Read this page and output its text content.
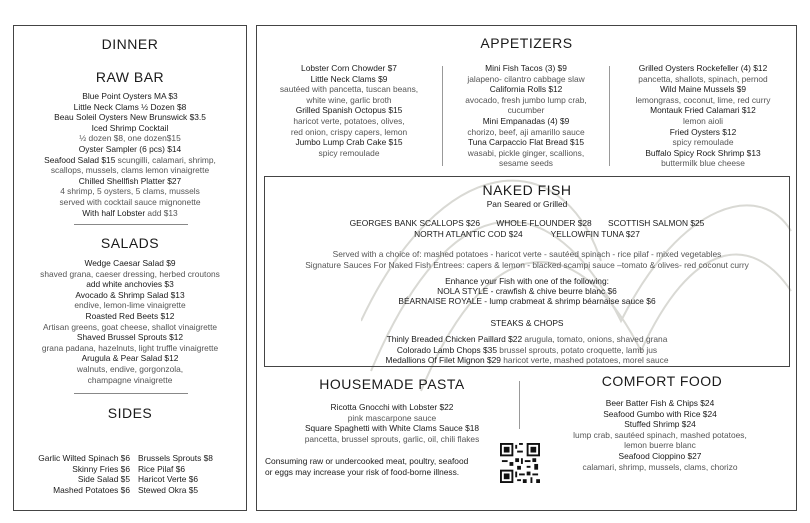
DINNER
RAW BAR
Blue Point Oysters MA $3
Little Neck Clams ½ Dozen $8
Beau Soleil Oysters New Brunswick $3.5
Iced Shrimp Cocktail
½ dozen $8, one dozen$15
Oyster Sampler (6 pcs) $14
Seafood Salad $15 scungilli, calamari, shrimp,
scallops, mussels, clams lemon vinaigrette
Chilled Shellfish Platter $27
4 shrimp, 5 oysters, 5 clams, mussels
served with cocktail sauce mignonette
With half Lobster add $13
SALADS
Wedge Caesar Salad $9
shaved grana, caeser dressing, herbed croutons
add white anchovies $3
Avocado & Shrimp Salad $13
endive, lemon-lime vinaigrette
Roasted Red Beets $12
Artisan greens, goat cheese, shallot vinaigrette
Shaved Brussel Sprouts $12
grana padana, hazelnuts, light truffle vinaigrette
Arugula & Pear Salad $12
walnuts, endive, gorgonzola,
champagne vinaigrette
SIDES
Garlic Wilted Spinach $6
Skinny Fries $6
Side Salad $5
Mashed Potatoes $6
Brussels Sprouts $8
Rice Pilaf $6
Haricot Verte $6
Stewed Okra $5
APPETIZERS
Lobster Corn Chowder $7
Little Neck Clams $9
sautéed with pancetta, tuscan beans,
white wine, garlic broth
Grilled Spanish Octopus $15
haricot verte, potatoes, olives,
red onion, crispy capers, lemon
Jumbo Lump Crab Cake $15
spicy remoulade
Mini Fish Tacos (3) $9
jalapeno- cilantro cabbage slaw
California Rolls $12
avocado, fresh jumbo lump crab,
cucumber
Mini Empanadas (4) $9
chorizo, beef, aji amarillo sauce
Tuna Carpaccio Flat Bread $15
wasabi, pickle ginger, scallions,
sesame seeds
Grilled Oysters Rockefeller (4) $12
pancetta, shallots, spinach, pernod
Wild Maine Mussels $9
lemongrass, coconut, lime, red curry
Montauk Fried Calamari $12
lemon aioli
Fried Oysters $12
spicy remoulade
Buffalo Spicy Rock Shrimp $13
buttermilk blue cheese
HOUSEMADE PASTA
Ricotta Gnocchi with Lobster $22
pink mascarpone sauce
Square Spaghetti with White Clams Sauce $18
pancetta, brussel sprouts, garlic, oil, chili flakes
Consuming raw or undercooked meat, poultry, seafood
or eggs may increase your risk of food-borne illness.
COMFORT FOOD
Beer Batter Fish & Chips $24
Seafood Gumbo with Rice $24
Stuffed Shrimp $24
lump crab, sautéed spinach, mashed potatoes,
lemon buerre blanc
Seafood Cioppino $27
calamari, shrimp, mussels, clams, chorizo
NAKED FISH
Pan Seared or Grilled
GEORGES BANK SCALLOPS $26 WHOLE FLOUNDER $28 SCOTTISH SALMON $25
NORTH ATLANTIC COD $24	YELLOWFIN TUNA $27
Served with a choice of: mashed potatoes - haricot verte - sautéed spinach - rice pilaf - mixed vegetables
Signature Sauces For Naked Fish Entrees: capers & lemon - blacked scampi sauce –tomato & olives- red coconut curry
Enhance your Fish with one of the following:
NOLA STYLE - crawfish & chive beurre blanc $6
BÉARNAISE ROYALE - lump crabmeat & shrimp béarnaise sauce $6
STEAKS & CHOPS
Thinly Breaded Chicken Paillard $22 arugula, tomato, onions, shaved grana
Colorado Lamb Chops $35 brussel sprouts, potato croquette, lamb jus
Medallions Of Filet Mignon $29 haricot verte, mashed potatoes, morel sauce
